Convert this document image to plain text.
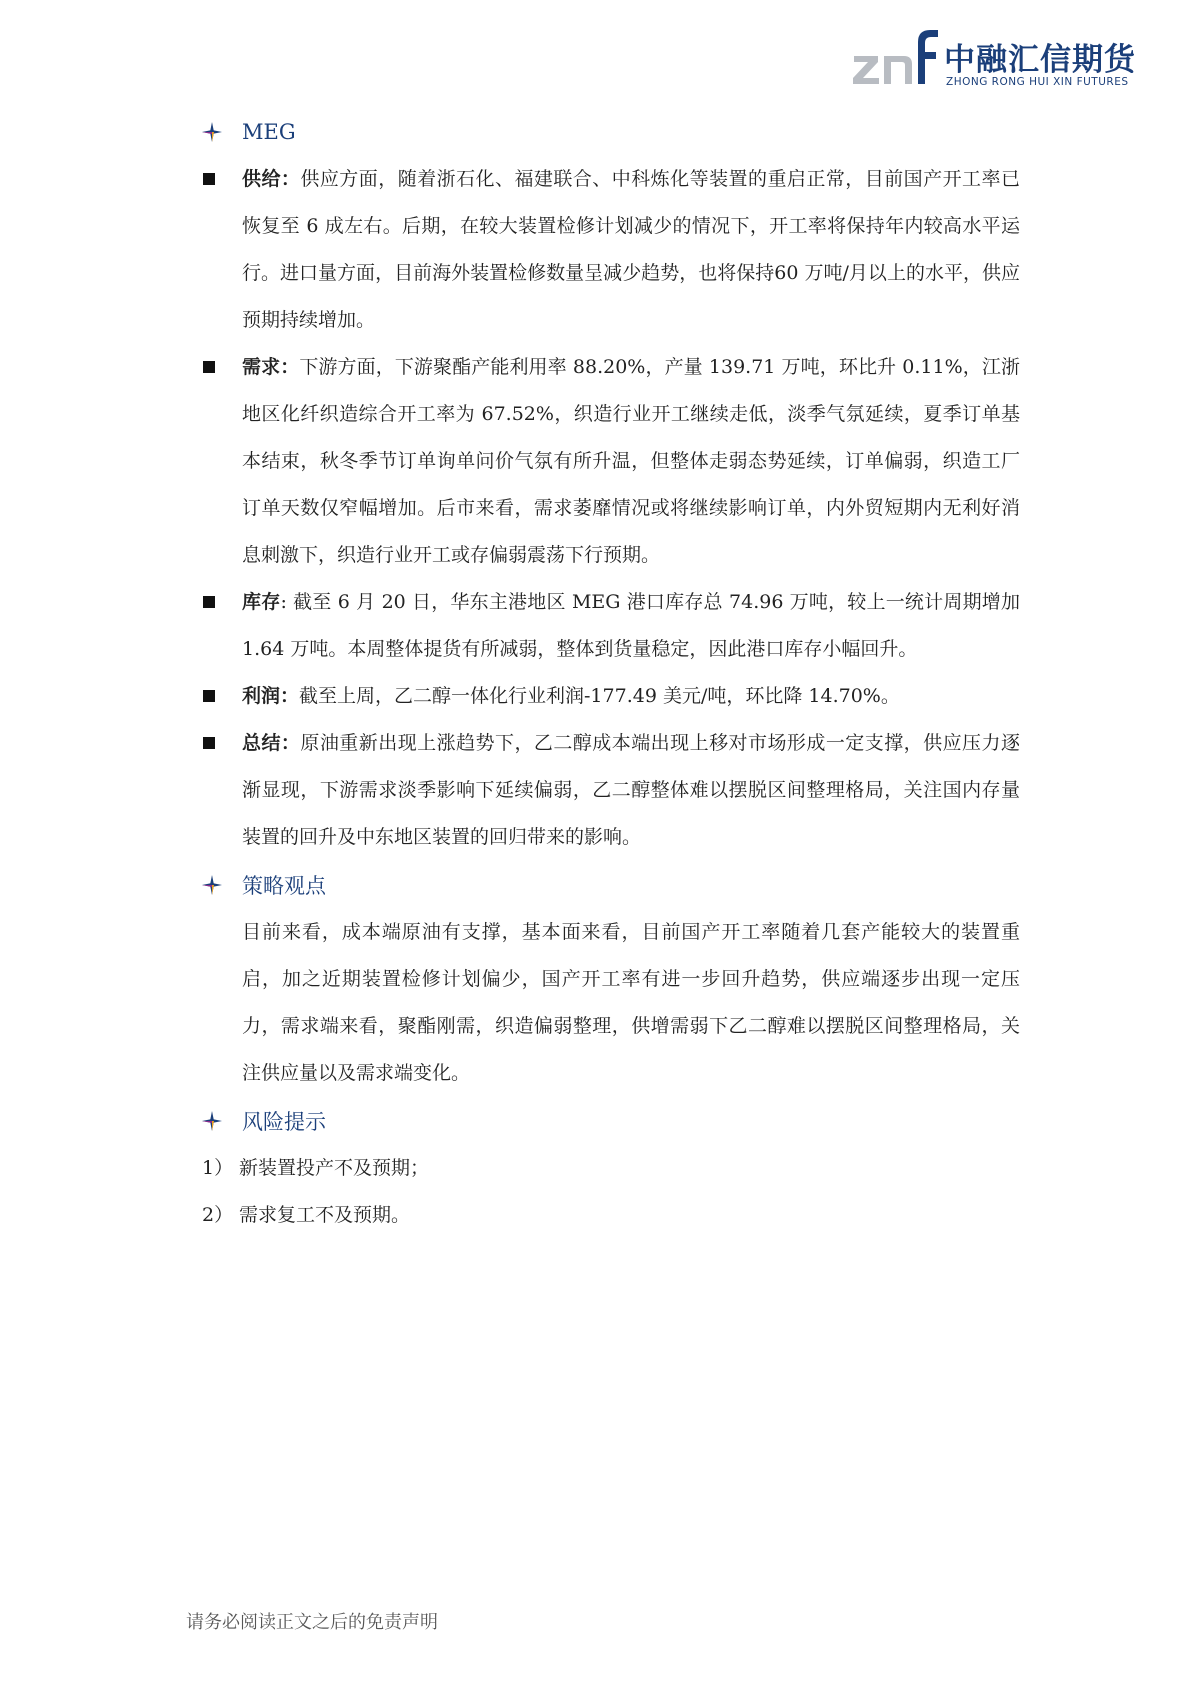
中融汇信期货
ZHONG RONG HUI XIN FUTURES
MEG
供给：供应方面，随着浙石化、福建联合、中科炼化等装置的重启正常，目前国产开工率已恢复至 6 成左右。后期，在较大装置检修计划减少的情况下，开工率将保持年内较高水平运行。进口量方面，目前海外装置检修数量呈减少趋势，也将保持60 万吨/月以上的水平，供应预期持续增加。
需求：下游方面，下游聚酯产能利用率 88.20%，产量 139.71 万吨，环比升 0.11%，江浙地区化纤织造综合开工率为 67.52%，织造行业开工继续走低，淡季气氛延续，夏季订单基本结束，秋冬季节订单询单问价气氛有所升温，但整体走弱态势延续，订单偏弱，织造工厂订单天数仅窄幅增加。后市来看，需求萎靡情况或将继续影响订单，内外贸短期内无利好消息刺激下，织造行业开工或存偏弱震荡下行预期。
库存: 截至 6 月 20 日，华东主港地区 MEG 港口库存总 74.96 万吨，较上一统计周期增加 1.64 万吨。本周整体提货有所减弱，整体到货量稳定，因此港口库存小幅回升。
利润：截至上周，乙二醇一体化行业利润-177.49 美元/吨，环比降 14.70%。
总结：原油重新出现上涨趋势下，乙二醇成本端出现上移对市场形成一定支撑，供应压力逐渐显现，下游需求淡季影响下延续偏弱，乙二醇整体难以摆脱区间整理格局，关注国内存量装置的回升及中东地区装置的回归带来的影响。
策略观点
目前来看，成本端原油有支撑，基本面来看，目前国产开工率随着几套产能较大的装置重启，加之近期装置检修计划偏少，国产开工率有进一步回升趋势，供应端逐步出现一定压力，需求端来看，聚酯刚需，织造偏弱整理，供增需弱下乙二醇难以摆脱区间整理格局，关注供应量以及需求端变化。
风险提示
1） 新装置投产不及预期；
2） 需求复工不及预期。
请务必阅读正文之后的免责声明
